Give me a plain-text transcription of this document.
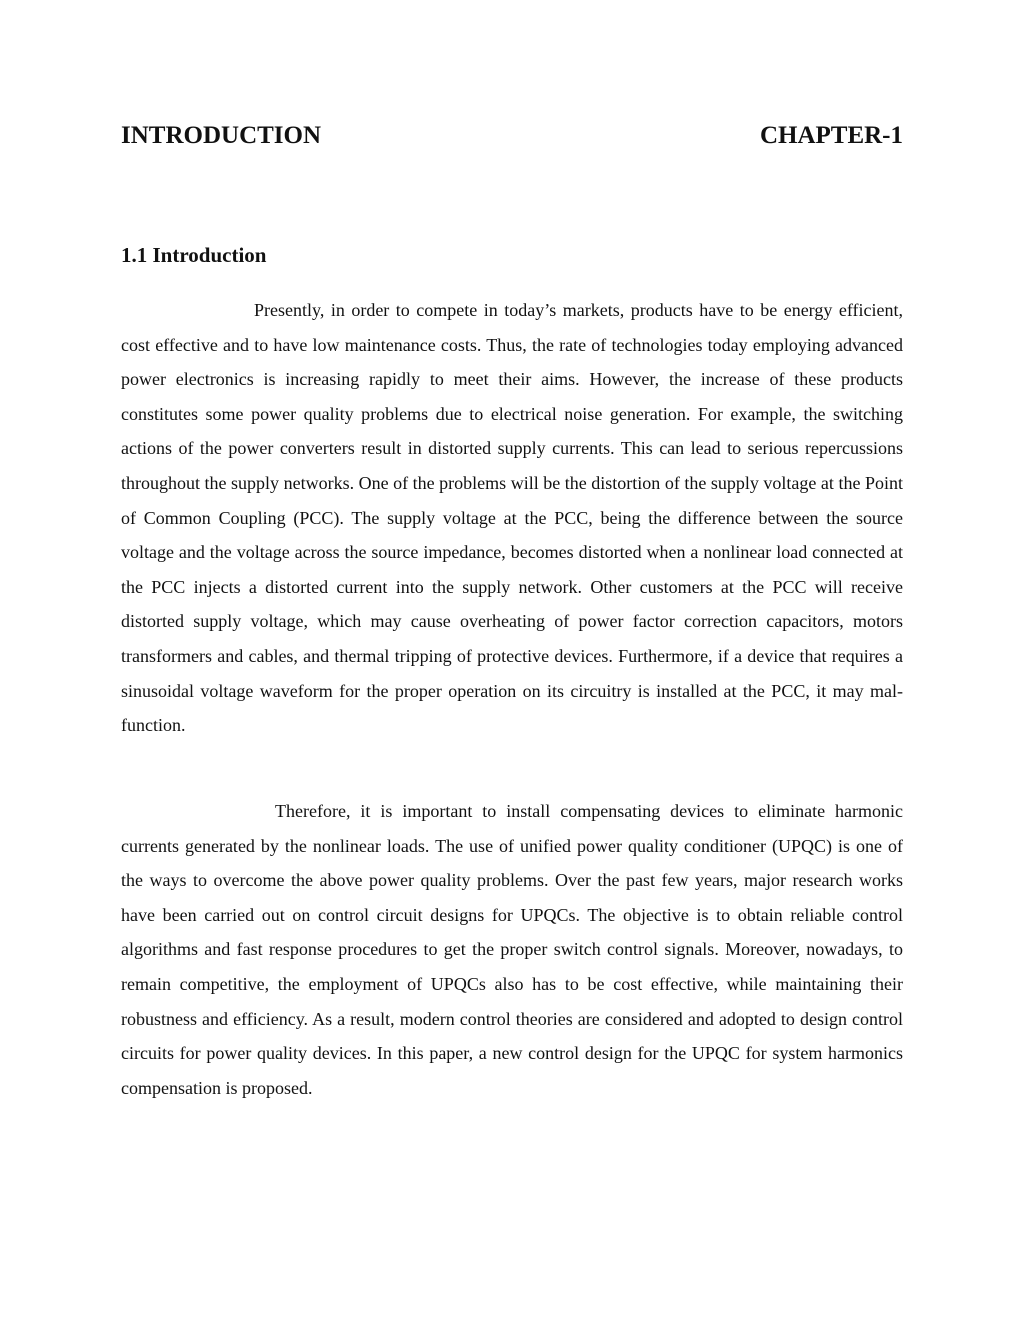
INTRODUCTION	CHAPTER-1
1.1 Introduction

Presently, in order to compete in today’s markets, products have to be energy efficient, cost effective and to have low maintenance costs. Thus, the rate of technologies today employing advanced power electronics is increasing rapidly to meet their aims. However, the increase of these products constitutes some power quality problems due to electrical noise generation. For example, the switching actions of the power converters result in distorted supply currents. This can lead to serious repercussions throughout the supply networks. One of the problems will be the distortion of the supply voltage at the Point of Common Coupling (PCC). The supply voltage at the PCC, being the difference between the source voltage and the voltage across the source impedance, becomes distorted when a nonlinear load connected at the PCC injects a distorted current into the supply network. Other customers at the PCC will receive distorted supply voltage, which may cause overheating of power factor correction capacitors, motors transformers and cables, and thermal tripping of protective devices. Furthermore, if a device that requires a sinusoidal voltage waveform for the proper operation on its circuitry is installed at the PCC, it may mal-function.

Therefore, it is important to install compensating devices to eliminate harmonic currents generated by the nonlinear loads. The use of unified power quality conditioner (UPQC) is one of the ways to overcome the above power quality problems. Over the past few years, major research works have been carried out on control circuit designs for UPQCs. The objective is to obtain reliable control algorithms and fast response procedures to get the proper switch control signals. Moreover, nowadays, to remain competitive, the employment of UPQCs also has to be cost effective, while maintaining their robustness and efficiency. As a result, modern control theories are considered and adopted to design control circuits for power quality devices. In this paper, a new control design for the UPQC for system harmonics compensation is proposed.
